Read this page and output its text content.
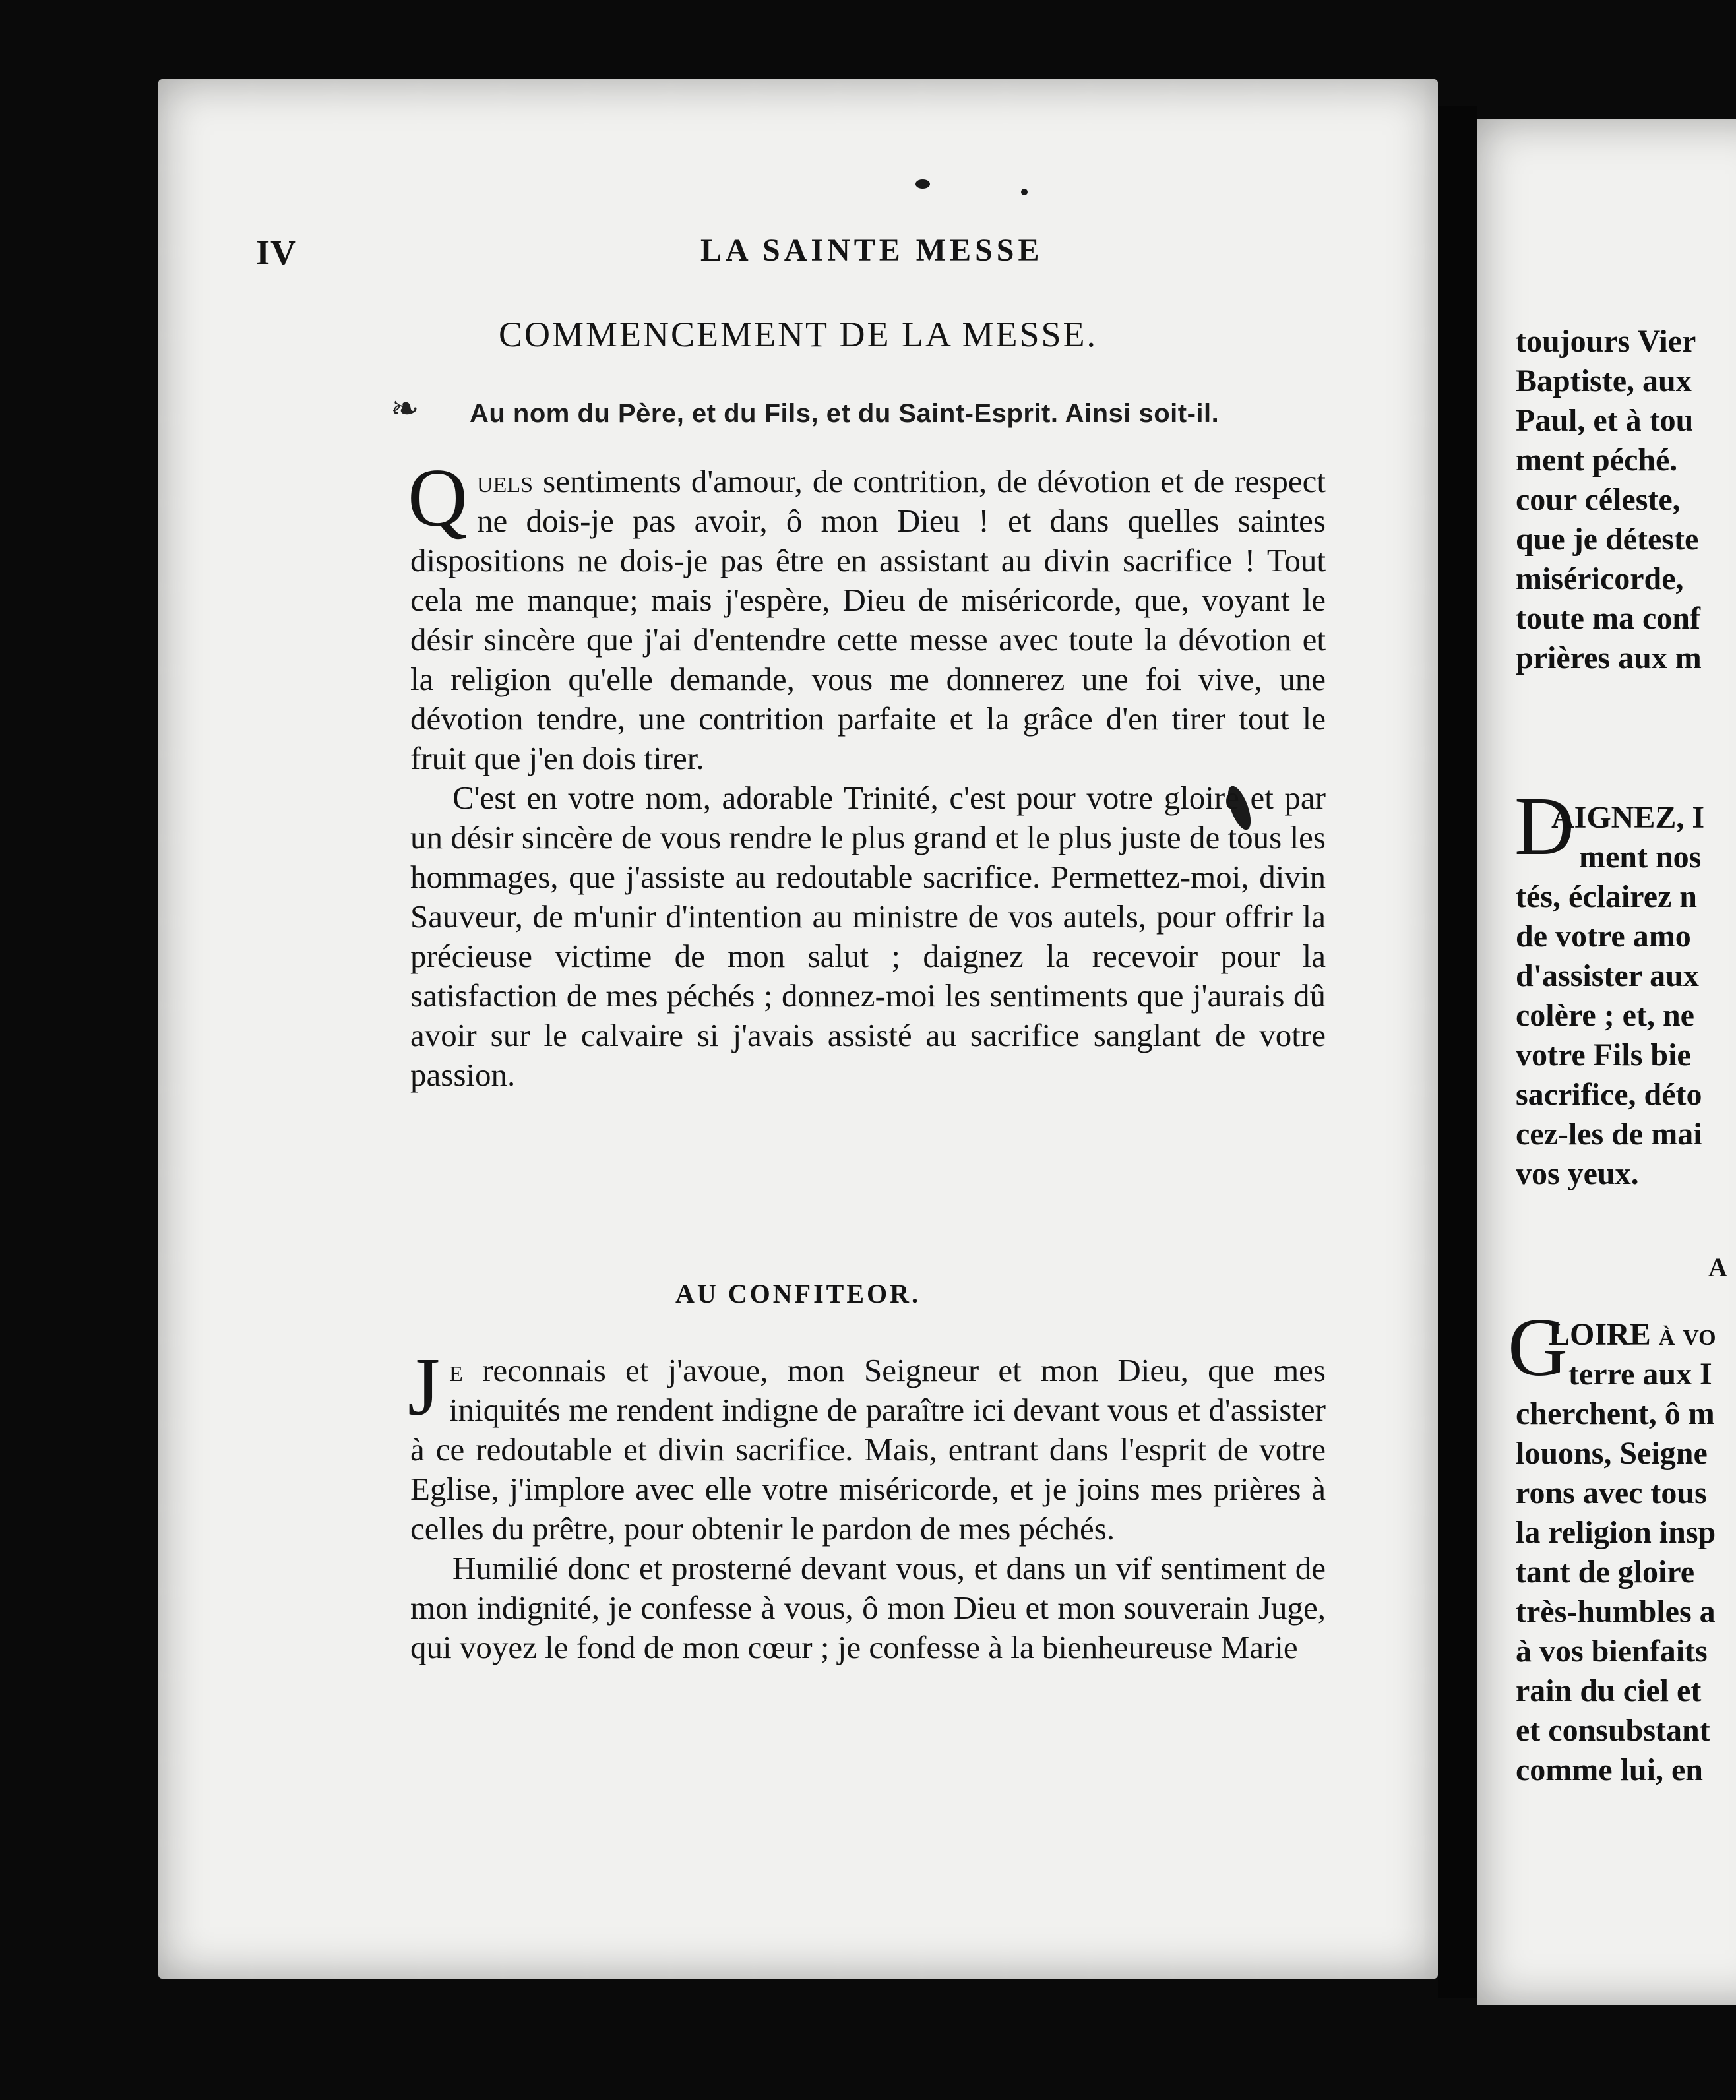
IV	LA SAINTE MESSE
COMMENCEMENT DE LA MESSE.
❧ Au nom du Père, et du Fils, et du Saint-Esprit. Ainsi soit-il.

Quels sentiments d'amour, de contrition, de dévotion et de respect ne dois-je pas avoir, ô mon Dieu ! et dans quelles saintes dispositions ne dois-je pas être en assistant au divin sacrifice ! Tout cela me manque; mais j'espère, Dieu de miséricorde, que, voyant le désir sincère que j'ai d'entendre cette messe avec toute la dévotion et la religion qu'elle demande, vous me donnerez une foi vive, une dévotion tendre, une contrition parfaite et la grâce d'en tirer tout le fruit que j'en dois tirer.

C'est en votre nom, adorable Trinité, c'est pour votre gloire et par un désir sincère de vous rendre le plus grand et le plus juste de tous les hommages, que j'assiste au redoutable sacrifice. Permettez-moi, divin Sauveur, de m'unir d'intention au ministre de vos autels, pour offrir la précieuse victime de mon salut ; daignez la recevoir pour la satisfaction de mes péchés ; donnez-moi les sentiments que j'aurais dû avoir sur le calvaire si j'avais assisté au sacrifice sanglant de votre passion.

AU CONFITEOR.

Je reconnais et j'avoue, mon Seigneur et mon Dieu, que mes iniquités me rendent indigne de paraître ici devant vous et d'assister à ce redoutable et divin sacrifice. Mais, entrant dans l'esprit de votre Eglise, j'implore avec elle votre miséricorde, et je joins mes prières à celles du prêtre, pour obtenir le pardon de mes péchés.

Humilié donc et prosterné devant vous, et dans un vif sentiment de mon indignité, je confesse à vous, ô mon Dieu et mon souverain Juge, qui voyez le fond de mon cœur ; je confesse à la bienheureuse Marie

toujours Vier
Baptiste, aux
Paul, et à tou
ment péché.
cour céleste,
que je déteste
miséricorde,
toute ma conf
prières aux m
D
AIGNEZ, I
ment nos
tés, éclairez n
de votre amo
d'assister aux
colère ; et, ne
votre Fils bie
sacrifice, déto
cez-les de mai
vos yeux.
A
G
LOIRE à vo
terre aux I
cherchent, ô m
louons, Seigne
rons avec tous
la religion insp
tant de gloire
très-humbles a
à vos bienfaits
rain du ciel et
et consubstant
comme lui, en
